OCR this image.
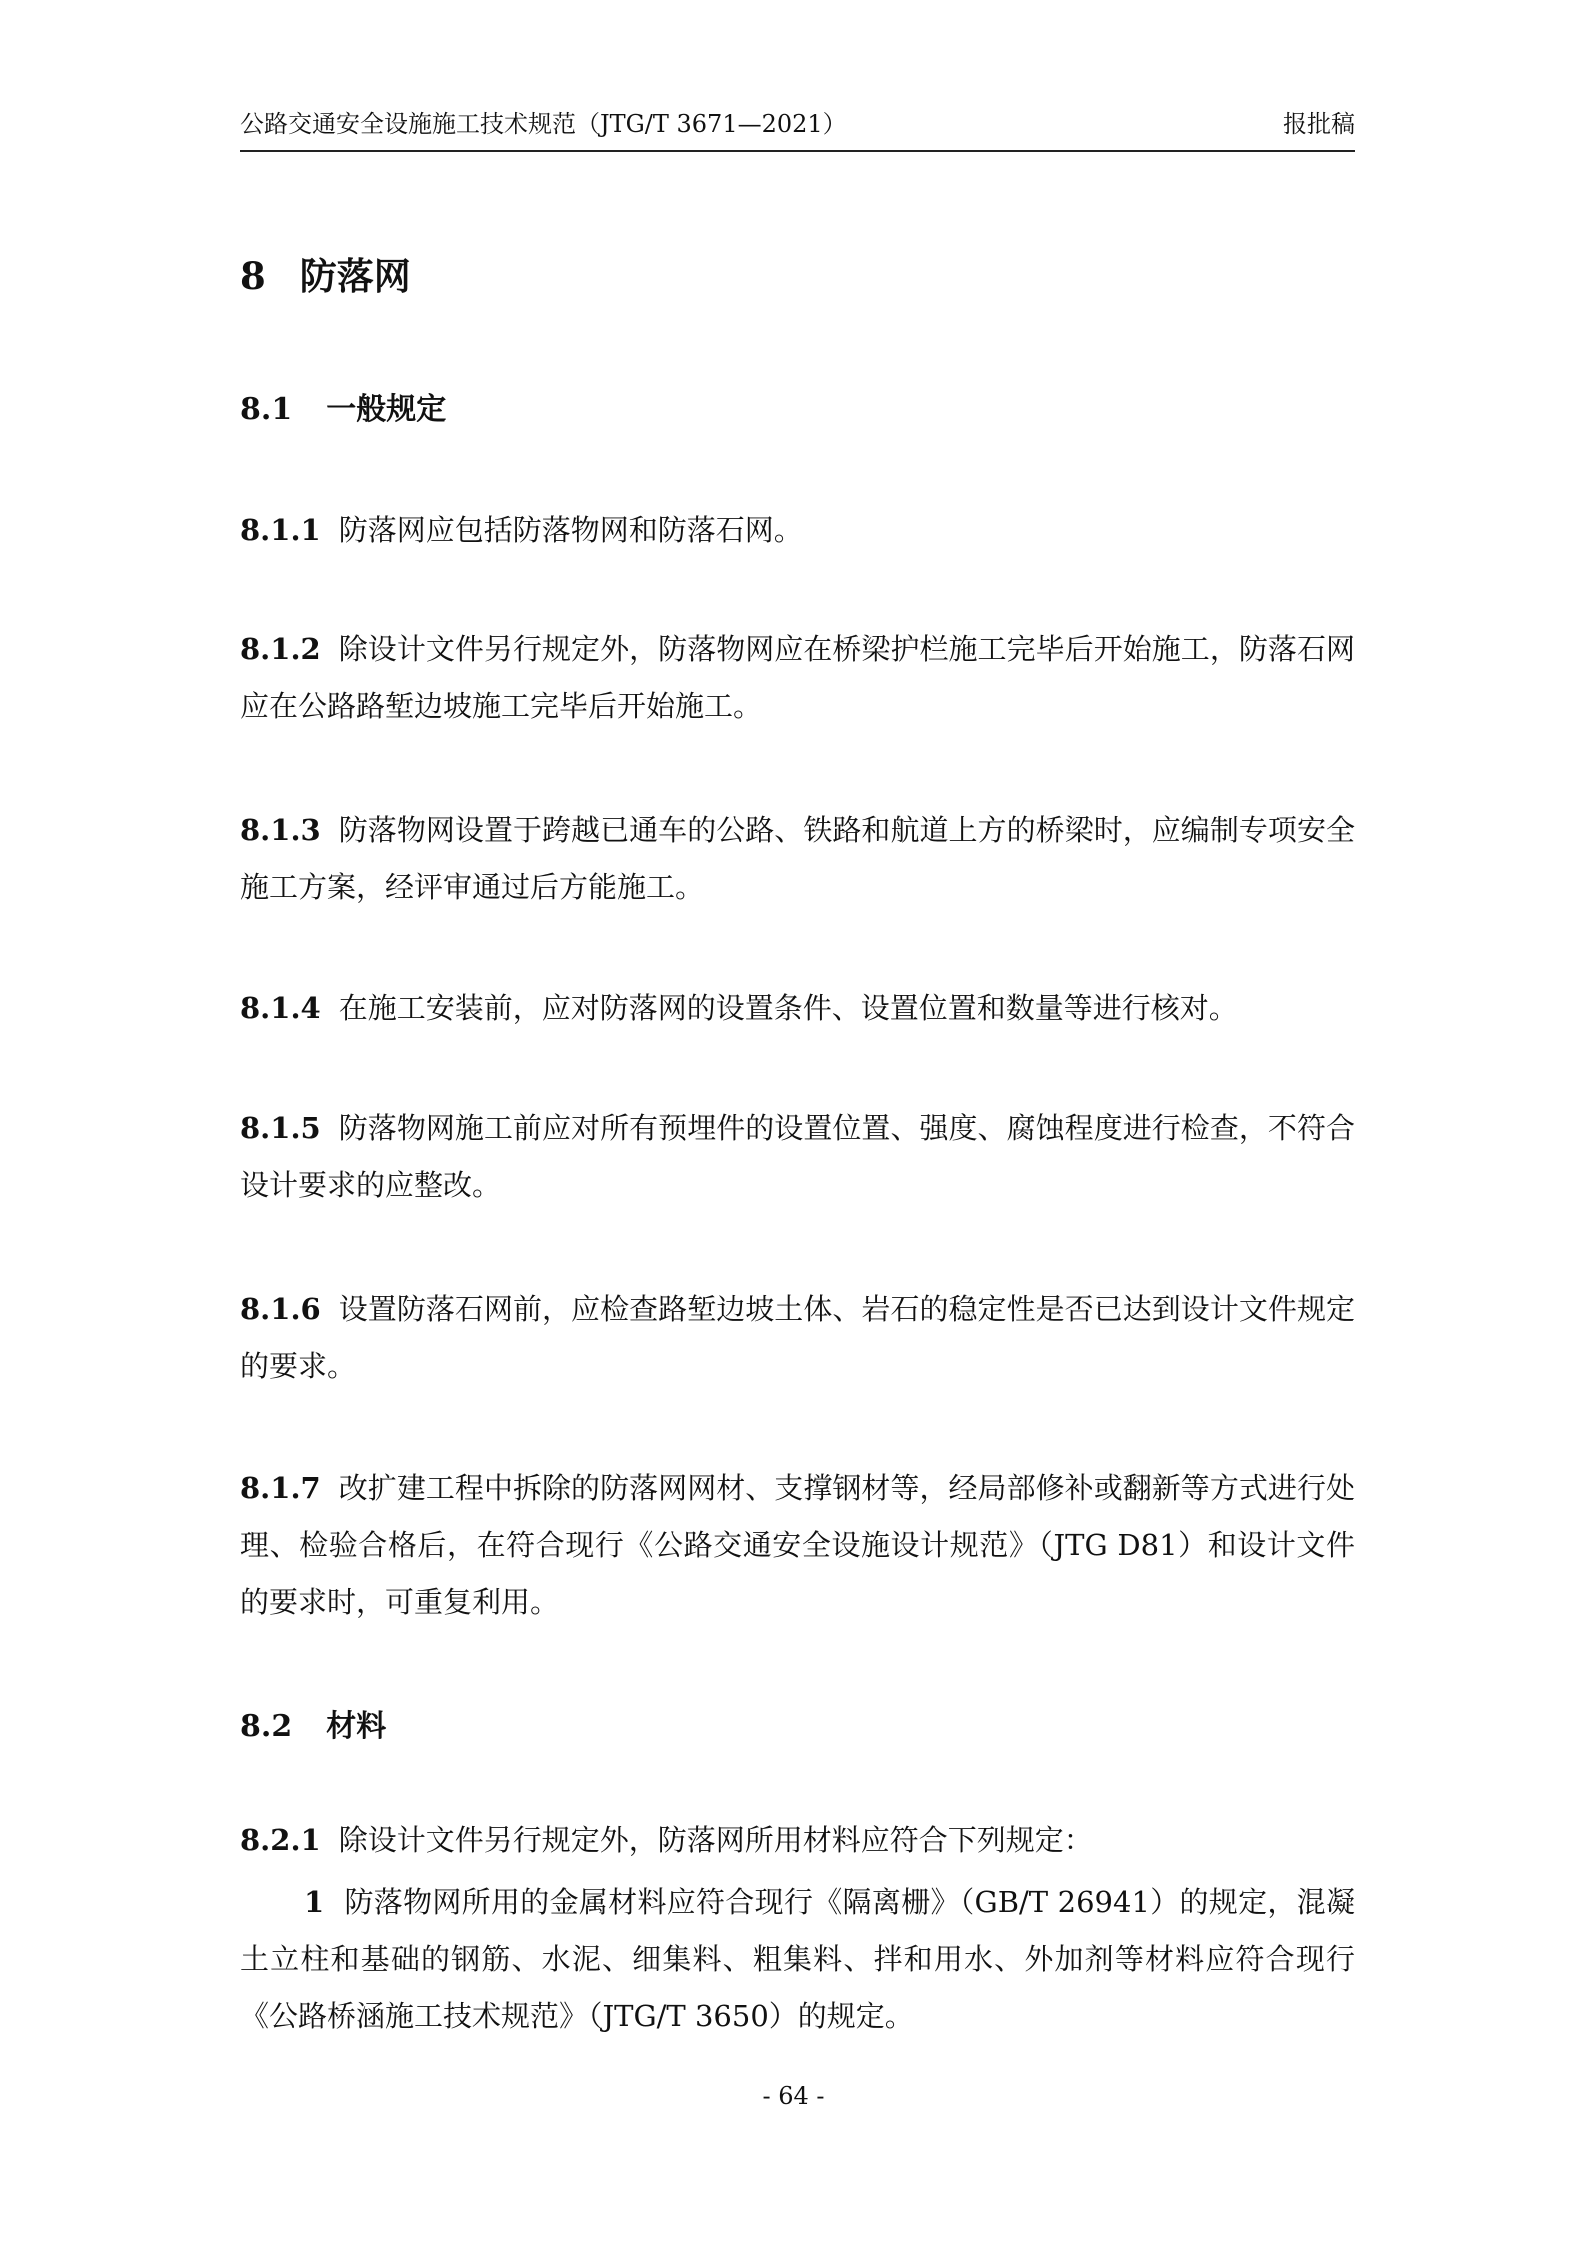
公路交通安全设施施工技术规范（JTG/T 3671—2021）	报批稿
8 防落网
8.1 一般规定
8.1.1 防落网应包括防落物网和防落石网。
8.1.2 除设计文件另行规定外，防落物网应在桥梁护栏施工完毕后开始施工，防落石网应在公路路堑边坡施工完毕后开始施工。
8.1.3 防落物网设置于跨越已通车的公路、铁路和航道上方的桥梁时，应编制专项安全施工方案，经评审通过后方能施工。
8.1.4 在施工安装前，应对防落网的设置条件、设置位置和数量等进行核对。
8.1.5 防落物网施工前应对所有预埋件的设置位置、强度、腐蚀程度进行检查，不符合设计要求的应整改。
8.1.6 设置防落石网前，应检查路堑边坡土体、岩石的稳定性是否已达到设计文件规定的要求。
8.1.7 改扩建工程中拆除的防落网网材、支撑钢材等，经局部修补或翻新等方式进行处理、检验合格后，在符合现行《公路交通安全设施设计规范》（JTG D81）和设计文件的要求时，可重复利用。
8.2 材料
8.2.1 除设计文件另行规定外，防落网所用材料应符合下列规定：
1 防落物网所用的金属材料应符合现行《隔离栅》（GB/T 26941）的规定，混凝土立柱和基础的钢筋、水泥、细集料、粗集料、拌和用水、外加剂等材料应符合现行《公路桥涵施工技术规范》（JTG/T 3650）的规定。
- 64 -
